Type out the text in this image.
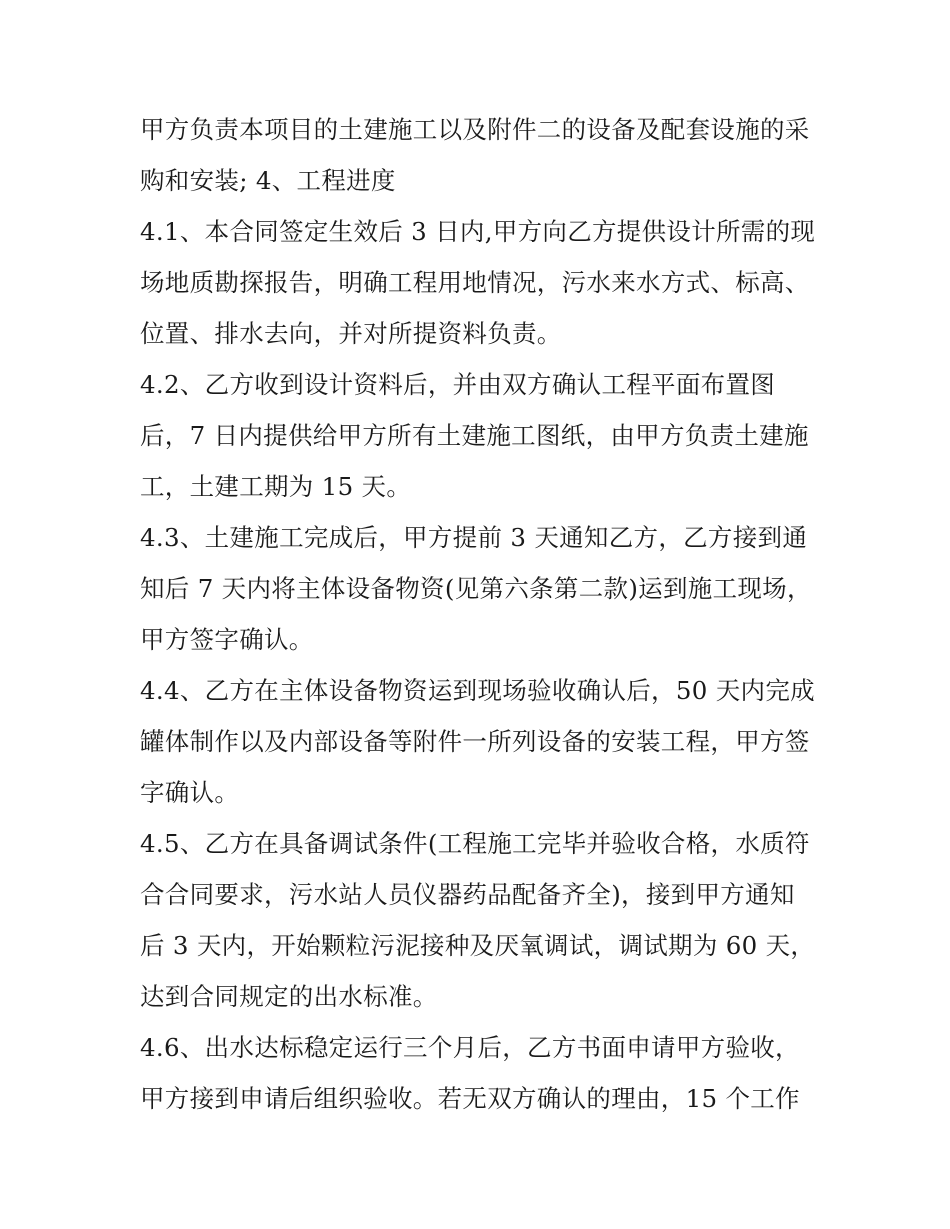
甲方负责本项目的土建施工以及附件二的设备及配套设施的采
购和安装; 4、工程进度
4.1、本合同签定生效后 3 日内,甲方向乙方提供设计所需的现
场地质勘探报告，明确工程用地情况，污水来水方式、标高、
位置、排水去向，并对所提资料负责。
4.2、乙方收到设计资料后，并由双方确认工程平面布置图
后，7 日内提供给甲方所有土建施工图纸，由甲方负责土建施
工，土建工期为 15 天。
4.3、土建施工完成后，甲方提前 3 天通知乙方，乙方接到通
知后 7 天内将主体设备物资(见第六条第二款)运到施工现场，
甲方签字确认。
4.4、乙方在主体设备物资运到现场验收确认后，50 天内完成
罐体制作以及内部设备等附件一所列设备的安装工程，甲方签
字确认。
4.5、乙方在具备调试条件(工程施工完毕并验收合格，水质符
合合同要求，污水站人员仪器药品配备齐全)，接到甲方通知
后 3 天内，开始颗粒污泥接种及厌氧调试，调试期为 60 天，
达到合同规定的出水标准。
4.6、出水达标稳定运行三个月后，乙方书面申请甲方验收，
甲方接到申请后组织验收。若无双方确认的理由，15 个工作
